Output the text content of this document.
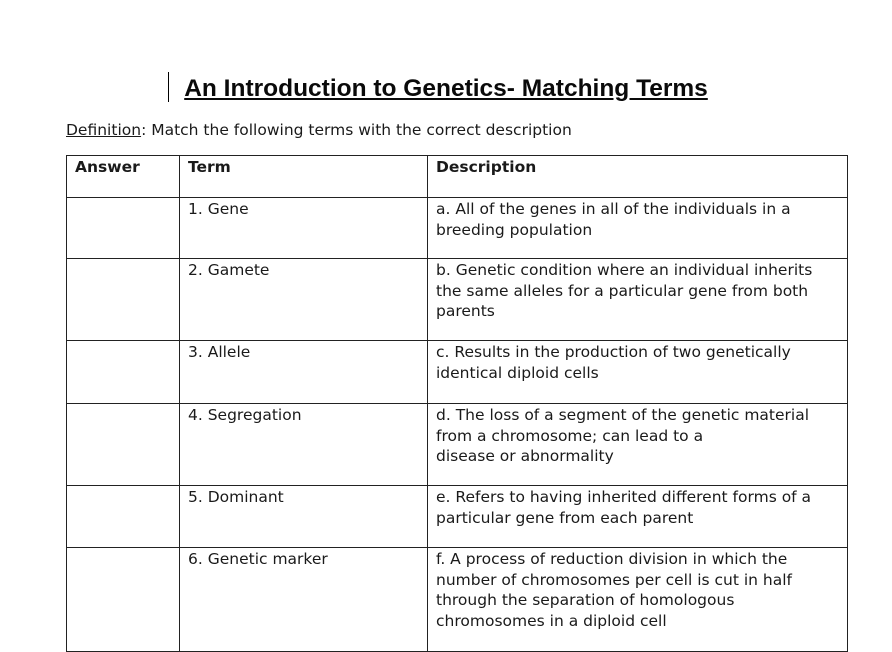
An Introduction to Genetics- Matching Terms
Definition: Match the following terms with the correct description
Answer	Term	Description
	1. Gene	a. All of the genes in all of the individuals in a
breeding population

	2. Gamete	b. Genetic condition where an individual inherits
the same alleles for a particular gene from both
parents

	3. Allele	c. Results in the production of two genetically
identical diploid cells

	4. Segregation	d. The loss of a segment of the genetic material
from a chromosome; can lead to a
disease or abnormality

	5. Dominant	e. Refers to having inherited different forms of a
particular gene from each parent

	6. Genetic marker	f. A process of reduction division in which the
number of chromosomes per cell is cut in half
through the separation of homologous
chromosomes in a diploid cell
